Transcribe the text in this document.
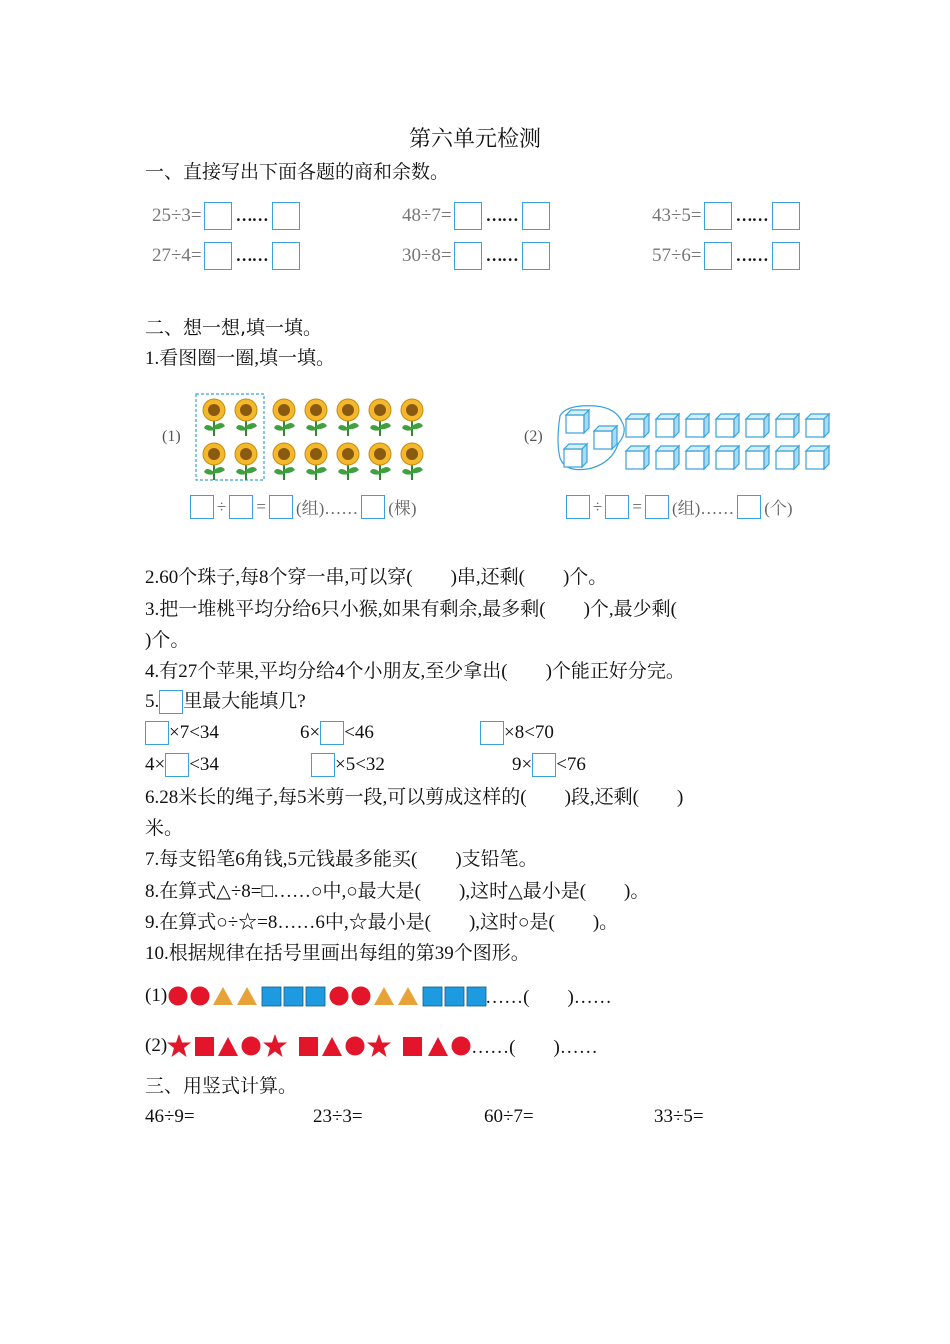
第六单元检测
一、直接写出下面各题的商和余数。
25÷3= ……	48÷7= ……	43÷5= ……
27÷4= ……	30÷8= ……	57÷6= ……
二、想一想,填一填。
1.看图圈一圈,填一填。
(1)
÷ = (组)…… (棵)
(2)
÷ = (组)…… (个)
2.60个珠子,每8个穿一串,可以穿(　　)串,还剩(　　)个。
3.把一堆桃平均分给6只小猴,如果有剩余,最多剩(　　)个,最少剩(
)个。
4.有27个苹果,平均分给4个小朋友,至少拿出(　　)个能正好分完。
5. 里最大能填几?
×7<34	6× <46	×8<70
4× <34	×5<32	9× <76
6.28米长的绳子,每5米剪一段,可以剪成这样的(　　)段,还剩(　　)
米。
7.每支铅笔6角钱,5元钱最多能买(　　)支铅笔。
8.在算式△÷8=□……○中,○最大是(　　),这时△最小是(　　)。
9.在算式○÷☆=8……6中,☆最小是(　　),这时○是(　　)。
10.根据规律在括号里画出每组的第39个图形。
(1)	……(　　)……
(2)	……(　　)……
三、用竖式计算。
46÷9=	23÷3=	60÷7=	33÷5=
